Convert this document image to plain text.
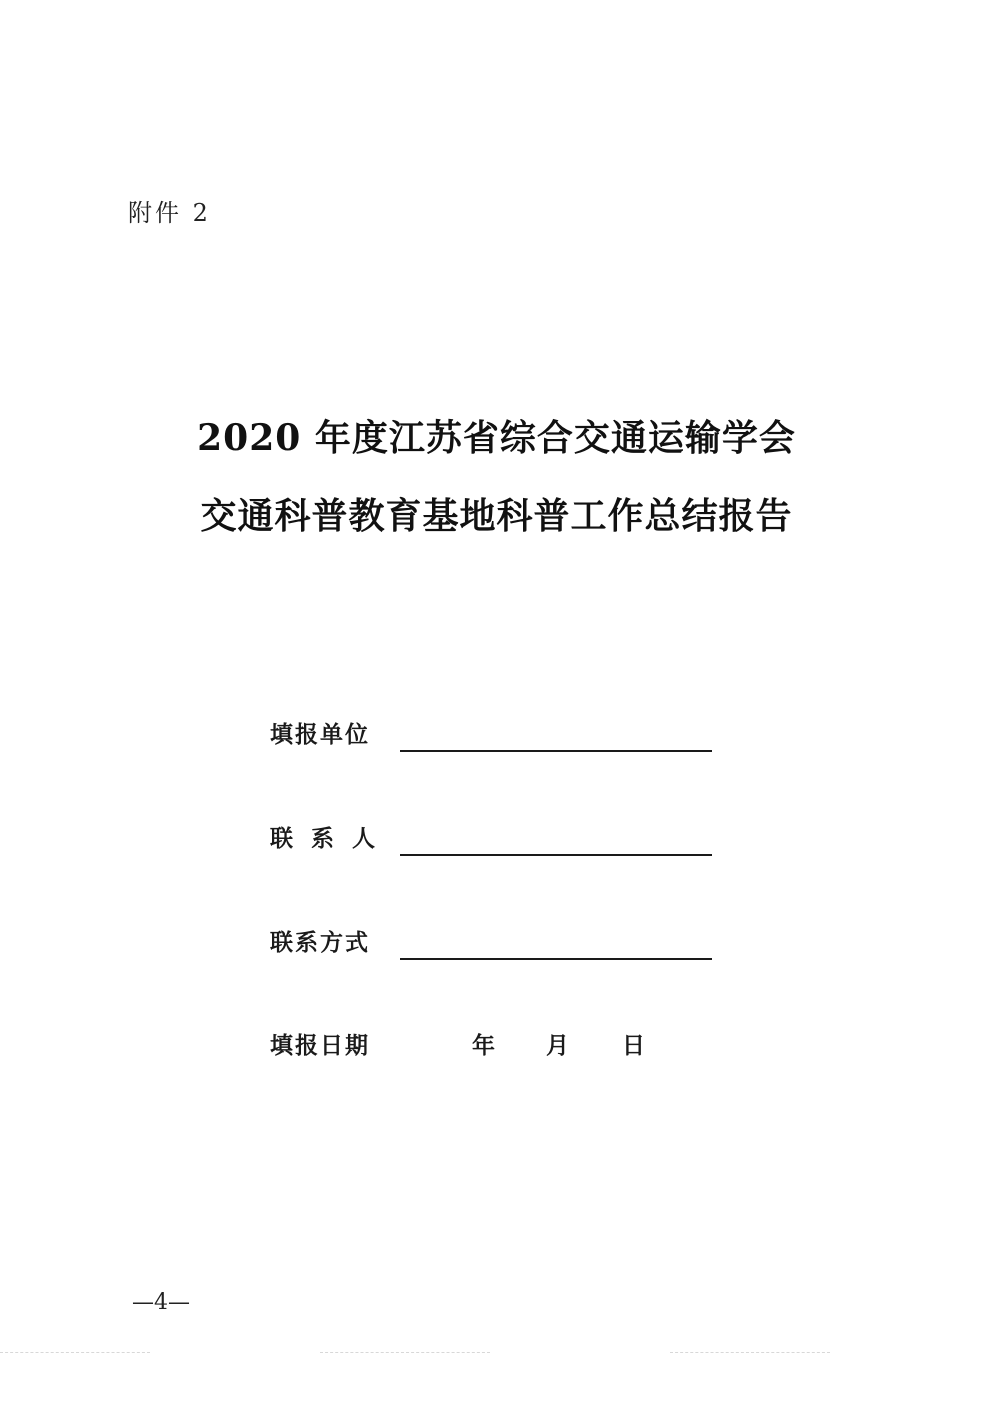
附件 2
2020 年度江苏省综合交通运输学会
交通科普教育基地科普工作总结报告
填报单位
联系人
联系方式
填报日期	年 月 日
—4—
